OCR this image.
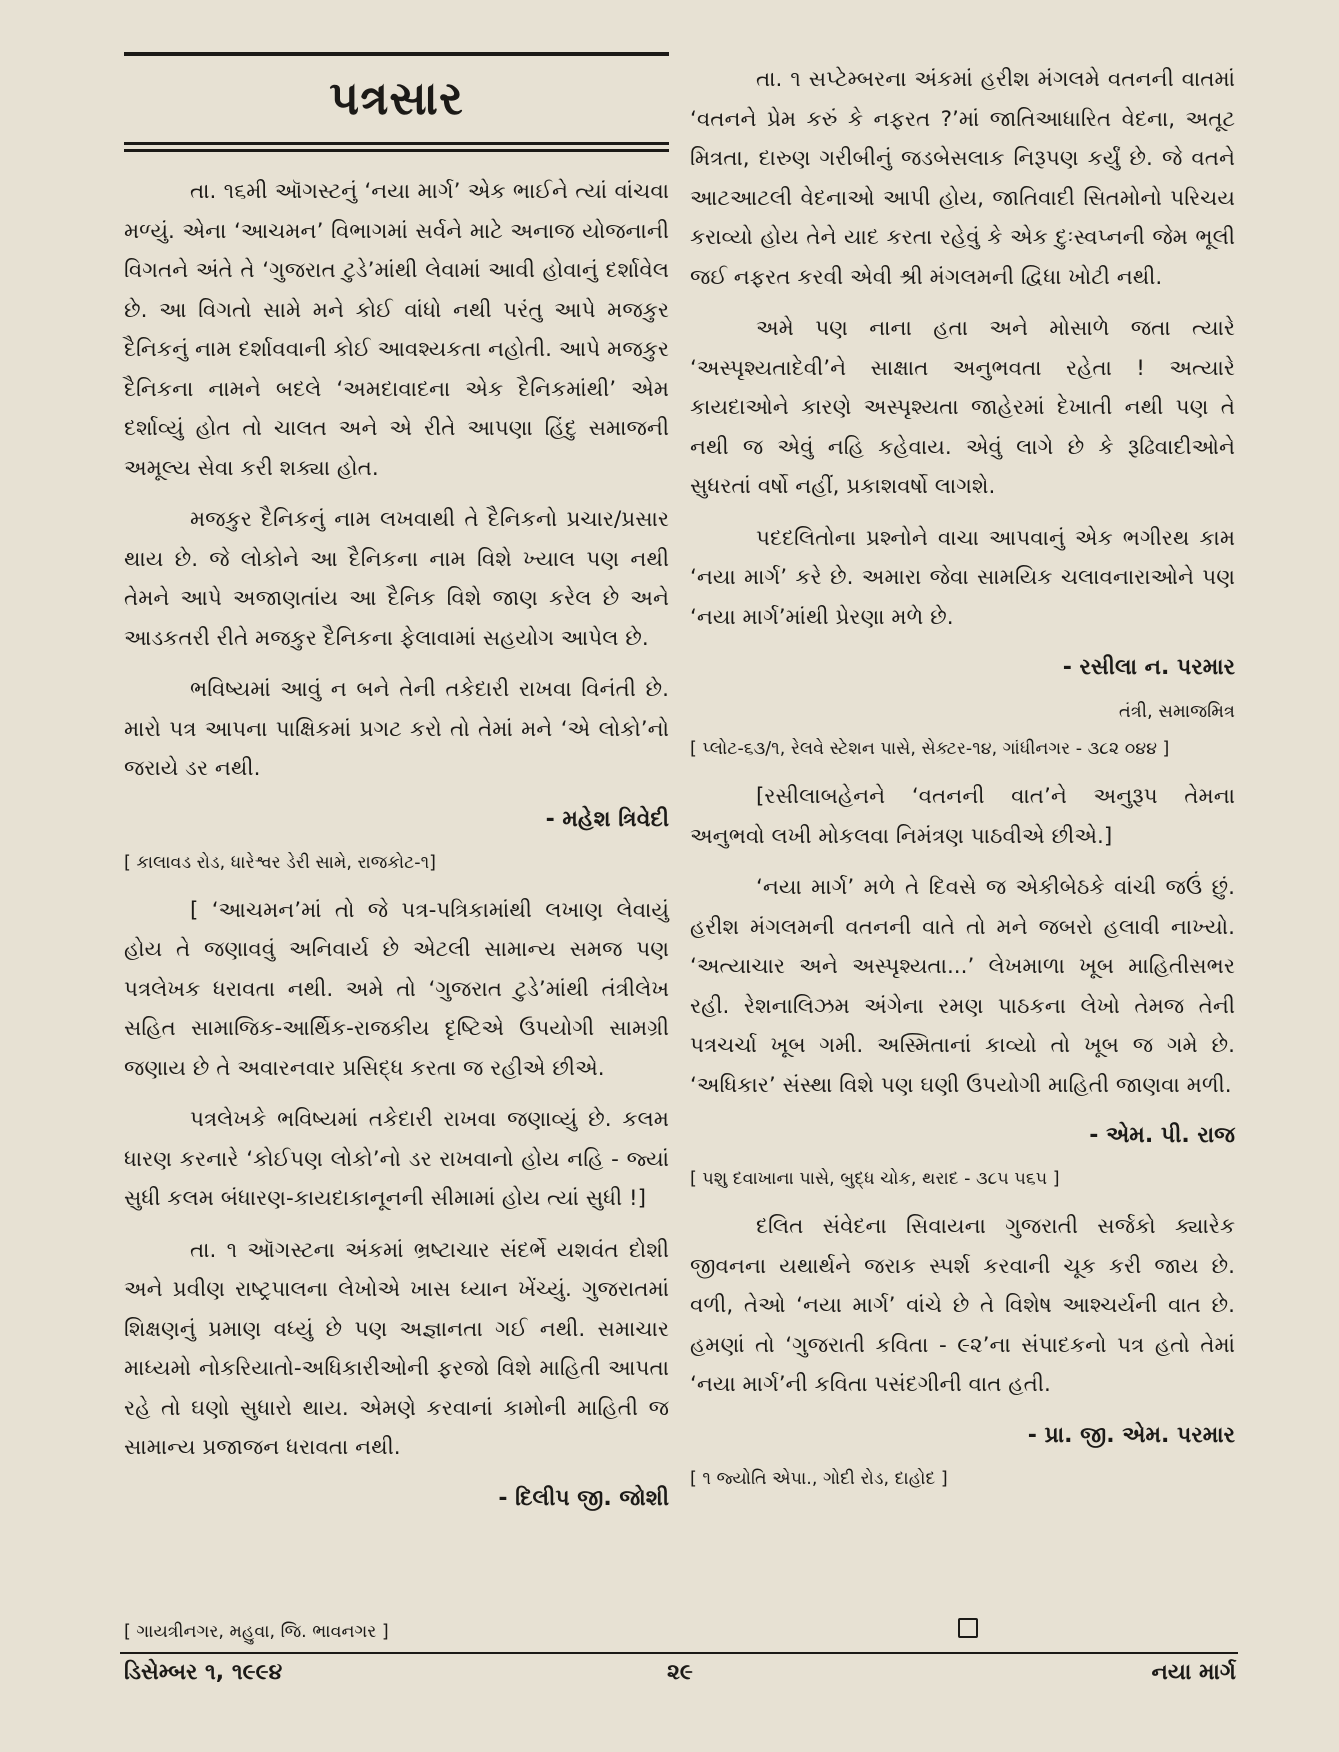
પત્રસાર

તા. ૧૬મી ઑગસ્ટનું ‘નયા માર્ગ’ એક ભાઈને ત્યાં વાંચવા મળ્યું. એના ‘આચમન’ વિભાગમાં સર્વને માટે અનાજ યોજનાની વિગતને અંતે તે ‘ગુજરાત ટુડે’માંથી લેવામાં આવી હોવાનું દર્શાવેલ છે. આ વિગતો સામે મને કોઈ વાંધો નથી પરંતુ આપે મજકુર દૈનિકનું નામ દર્શાવવાની કોઈ આવશ્યકતા નહોતી. આપે મજકુર દૈનિકના નામને બદલે ‘અમદાવાદના એક દૈનિકમાંથી’ એમ દર્શાવ્યું હોત તો ચાલત અને એ રીતે આપણા હિંદુ સમાજની અમૂલ્ય સેવા કરી શક્યા હોત.

મજકુર દૈનિકનું નામ લખવાથી તે દૈનિકનો પ્રચાર/પ્રસાર થાય છે. જે લોકોને આ દૈનિકના નામ વિશે ખ્યાલ પણ નથી તેમને આપે અજાણતાંય આ દૈનિક વિશે જાણ કરેલ છે અને આડકતરી રીતે મજકુર દૈનિકના ફેલાવામાં સહયોગ આપેલ છે.

ભવિષ્યમાં આવું ન બને તેની તકેદારી રાખવા વિનંતી છે. મારો પત્ર આપના પાક્ષિકમાં પ્રગટ કરો તો તેમાં મને ‘એ લોકો’નો જરાયે ડર નથી.

- મહેશ ત્રિવેદી
[ કાલાવડ રોડ, ધારેશ્વર ડેરી સામે, રાજકોટ-૧]

[ ‘આચમન’માં તો જે પત્ર-પત્રિકામાંથી લખાણ લેવાયું હોય તે જણાવવું અનિવાર્ય છે એટલી સામાન્ય સમજ પણ પત્રલેખક ધરાવતા નથી. અમે તો ‘ગુજરાત ટુડે’માંથી તંત્રીલેખ સહિત સામાજિક-આર્થિક-રાજકીય દૃષ્ટિએ ઉપયોગી સામગ્રી જણાય છે તે અવારનવાર પ્રસિદ્ધ કરતા જ રહીએ છીએ.

પત્રલેખકે ભવિષ્યમાં તકેદારી રાખવા જણાવ્યું છે. કલમ ધારણ કરનારે ‘કોઈપણ લોકો’નો ડર રાખવાનો હોય નહિ - જ્યાં સુધી કલમ બંધારણ-કાયદાકાનૂનની સીમામાં હોય ત્યાં સુધી !]

તા. ૧ ઑગસ્ટના અંકમાં ભ્રષ્ટાચાર સંદર્ભે યશવંત દોશી અને પ્રવીણ રાષ્ટ્રપાલના લેખોએ ખાસ ધ્યાન ખેંચ્યું. ગુજરાતમાં શિક્ષણનું પ્રમાણ વધ્યું છે પણ અજ્ઞાનતા ગઈ નથી. સમાચાર માધ્યમો નોકરિયાતો-અધિકારીઓની ફરજો વિશે માહિતી આપતા રહે તો ઘણો સુધારો થાય. એમણે કરવાનાં કામોની માહિતી જ સામાન્ય પ્રજાજન ધરાવતા નથી.

- દિલીપ જી. જોશી
[ ગાયત્રીનગર, મહુવા, જિ. ભાવનગર ]

તા. ૧ સપ્ટેમ્બરના અંકમાં હરીશ મંગલમે વતનની વાતમાં ‘વતનને પ્રેમ કરું કે નફરત ?’માં જાતિઆધારિત વેદના, અતૂટ મિત્રતા, દારુણ ગરીબીનું જડબેસલાક નિરૂપણ કર્યું છે. જે વતને આટઆટલી વેદનાઓ આપી હોય, જાતિવાદી સિતમોનો પરિચય કરાવ્યો હોય તેને યાદ કરતા રહેવું કે એક દુઃસ્વપ્નની જેમ ભૂલી જઈ નફરત કરવી એવી શ્રી મંગલમની દ્વિધા ખોટી નથી.

અમે પણ નાના હતા અને મોસાળે જતા ત્યારે ‘અસ્પૃશ્યતાદેવી’ને સાક્ષાત અનુભવતા રહેતા ! અત્યારે કાયદાઓને કારણે અસ્પૃશ્યતા જાહેરમાં દેખાતી નથી પણ તે નથી જ એવું નહિ કહેવાય. એવું લાગે છે કે રૂઢિવાદીઓને સુધરતાં વર્ષો નહીં, પ્રકાશવર્ષો લાગશે.

પદદલિતોના પ્રશ્નોને વાચા આપવાનું એક ભગીરથ કામ ‘નયા માર્ગ’ કરે છે. અમારા જેવા સામયિક ચલાવનારાઓને પણ ‘નયા માર્ગ’માંથી પ્રેરણા મળે છે.

- રસીલા ન. પરમાર
તંત્રી, સમાજમિત્ર
[ પ્લોટ-૬૩/૧, રેલવે સ્ટેશન પાસે, સેક્ટર-૧૪, ગાંધીનગર - ૩૮૨ ૦૪૪ ]

[રસીલાબહેનને ‘વતનની વાત’ને અનુરૂપ તેમના અનુભવો લખી મોકલવા નિમંત્રણ પાઠવીએ છીએ.]

‘નયા માર્ગ’ મળે તે દિવસે જ એકીબેઠકે વાંચી જઉં છું. હરીશ મંગલમની વતનની વાતે તો મને જબરો હલાવી નાખ્યો. ‘અત્યાચાર અને અસ્પૃશ્યતા...’ લેખમાળા ખૂબ માહિતીસભર રહી. રેશનાલિઝમ અંગેના રમણ પાઠકના લેખો તેમજ તેની પત્રચર્ચા ખૂબ ગમી. અસ્મિતાનાં કાવ્યો તો ખૂબ જ ગમે છે. ‘અધિકાર’ સંસ્થા વિશે પણ ઘણી ઉપયોગી માહિતી જાણવા મળી.

- એમ. પી. રાજ
[ પશુ દવાખાના પાસે, બુદ્ધ ચોક, થરાદ - ૩૮૫ ૫૬૫ ]

દલિત સંવેદના સિવાયના ગુજરાતી સર્જકો ક્યારેક જીવનના યથાર્થને જરાક સ્પર્શ કરવાની ચૂક કરી જાય છે. વળી, તેઓ ‘નયા માર્ગ’ વાંચે છે તે વિશેષ આશ્ચર્યની વાત છે. હમણાં તો ‘ગુજરાતી કવિતા - ૯૨’ના સંપાદકનો પત્ર હતો તેમાં ‘નયા માર્ગ’ની કવિતા પસંદગીની વાત હતી.

- પ્રા. જી. એમ. પરમાર
[ ૧ જ્યોતિ એપા., ગોદી રોડ, દાહોદ ]
ડિસેમ્બર ૧, ૧૯૯૪	૨૯	નયા માર્ગ
